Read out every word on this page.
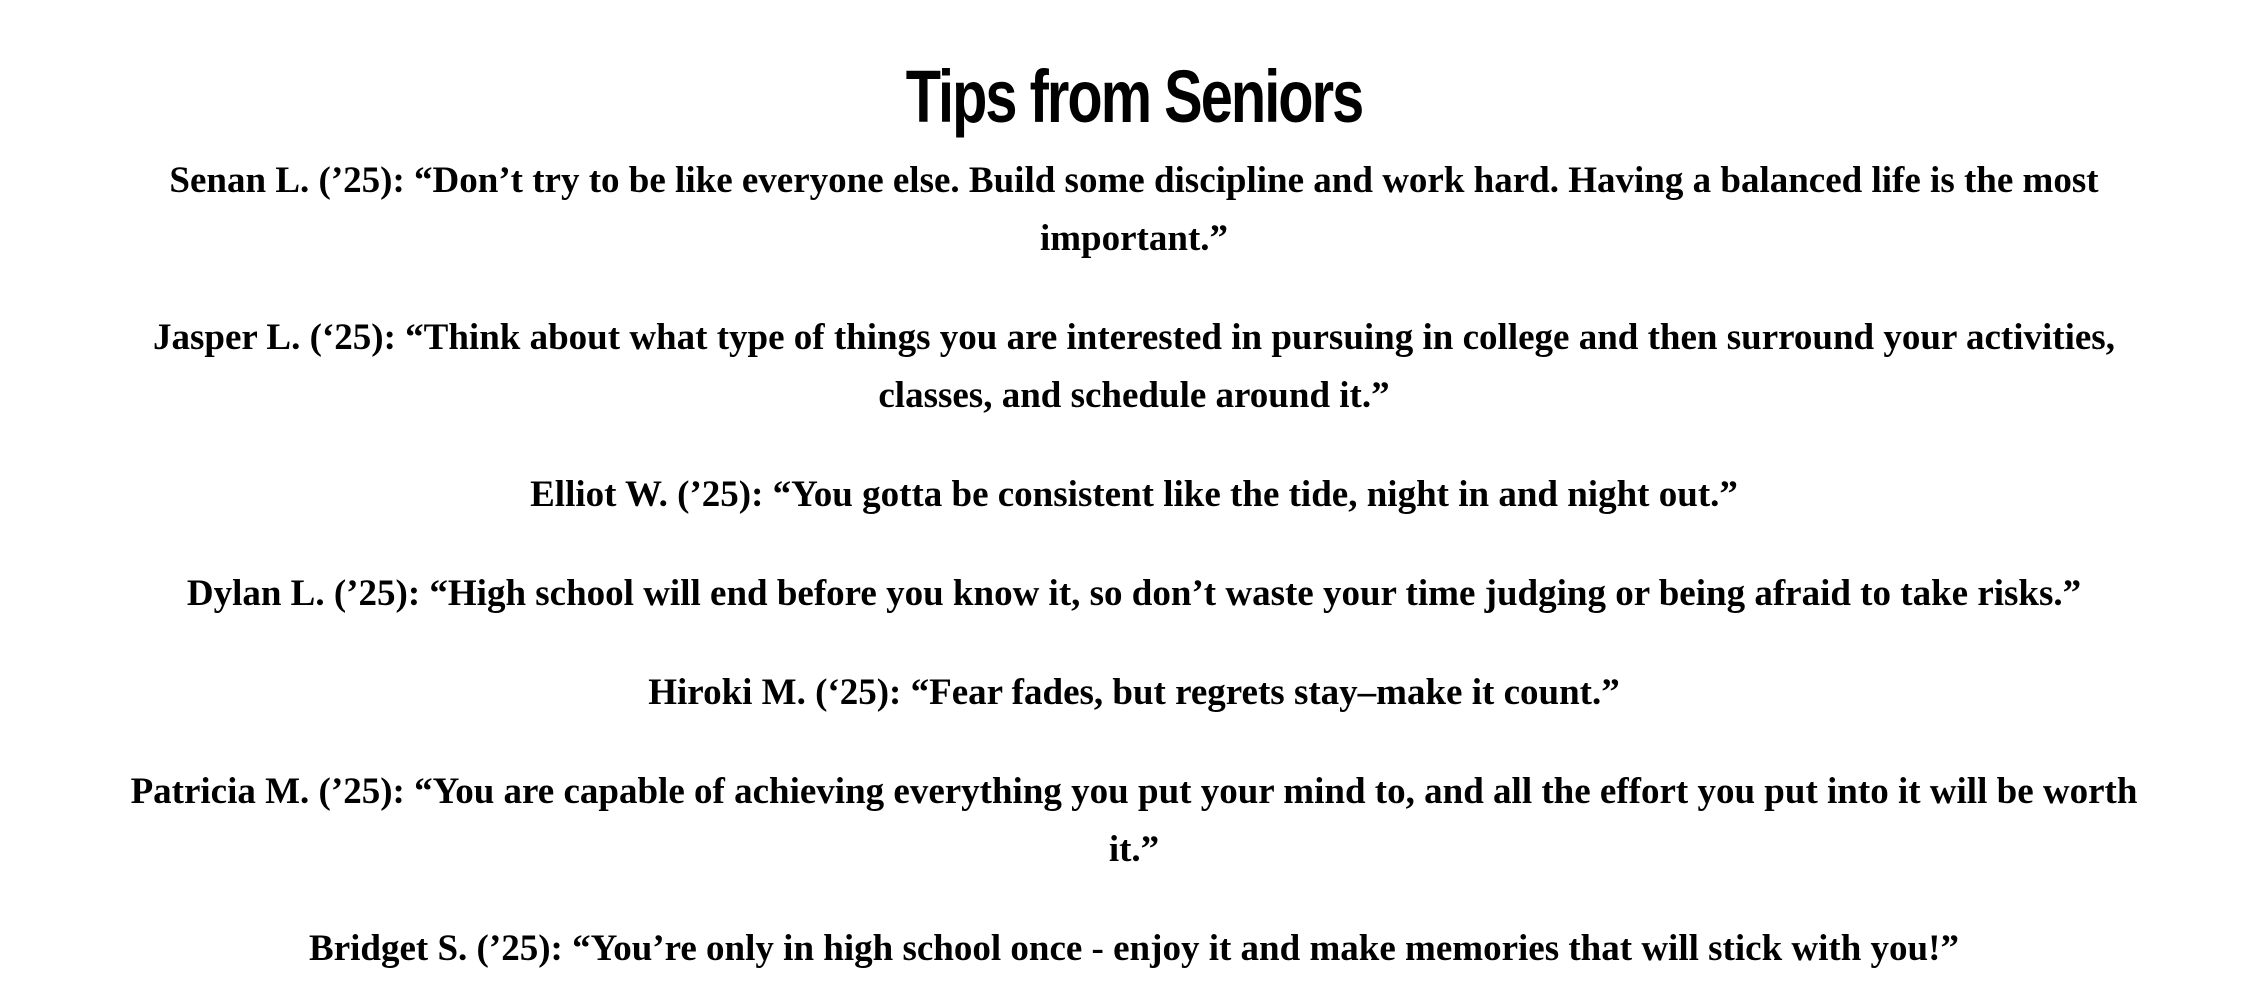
Tips from Seniors
Senan L. (’25): “Don’t try to be like everyone else. Build some discipline and work hard. Having a balanced life is the most important.”
Jasper L. (‘25): “Think about what type of things you are interested in pursuing in college and then surround your activities, classes, and schedule around it.”
Elliot W. (’25): “You gotta be consistent like the tide, night in and night out.”
Dylan L. (’25): “High school will end before you know it, so don’t waste your time judging or being afraid to take risks.”
Hiroki M. (‘25): “Fear fades, but regrets stay–make it count.”
Patricia M. (’25): “You are capable of achieving everything you put your mind to, and all the effort you put into it will be worth it.”
Bridget S. (’25): “You’re only in high school once - enjoy it and make memories that will stick with you!”
